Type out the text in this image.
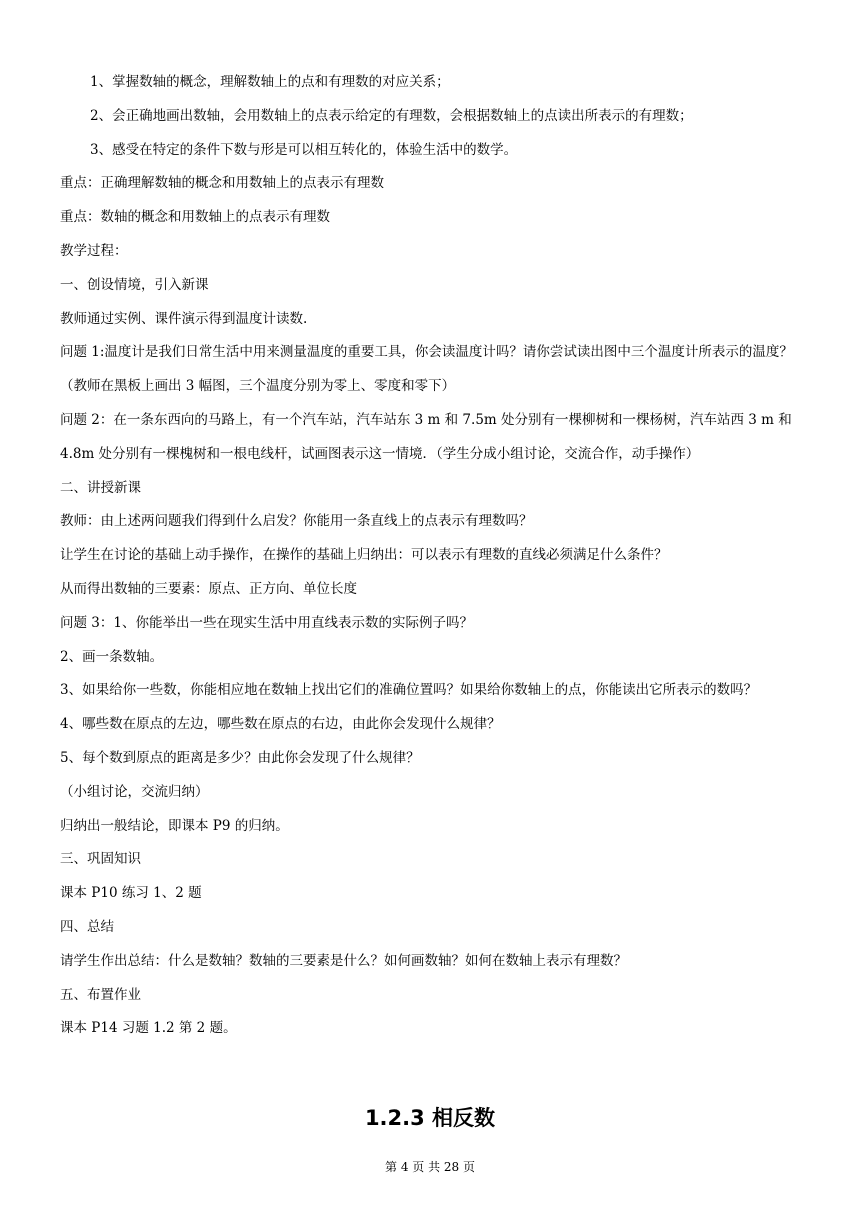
1、掌握数轴的概念，理解数轴上的点和有理数的对应关系；

2、会正确地画出数轴，会用数轴上的点表示给定的有理数，会根据数轴上的点读出所表示的有理数；

3、感受在特定的条件下数与形是可以相互转化的，体验生活中的数学。

重点：正确理解数轴的概念和用数轴上的点表示有理数

重点：数轴的概念和用数轴上的点表示有理数

教学过程：

一、创设情境，引入新课

教师通过实例、课件演示得到温度计读数.

问题 1:温度计是我们日常生活中用来测量温度的重要工具，你会读温度计吗？请你尝试读出图中三个温度计所表示的温度？（教师在黑板上画出 3 幅图，三个温度分别为零上、零度和零下）

问题 2：在一条东西向的马路上，有一个汽车站，汽车站东 3 m 和 7.5m 处分别有一棵柳树和一棵杨树，汽车站西 3 m 和 4.8m 处分别有一棵槐树和一根电线杆，试画图表示这一情境．（学生分成小组讨论，交流合作，动手操作）

二、讲授新课

教师：由上述两问题我们得到什么启发？你能用一条直线上的点表示有理数吗？

让学生在讨论的基础上动手操作，在操作的基础上归纳出：可以表示有理数的直线必须满足什么条件？

从而得出数轴的三要素：原点、正方向、单位长度

问题 3：1、你能举出一些在现实生活中用直线表示数的实际例子吗？

2、画一条数轴。

3、如果给你一些数，你能相应地在数轴上找出它们的准确位置吗？如果给你数轴上的点，你能读出它所表示的数吗？

4、哪些数在原点的左边，哪些数在原点的右边，由此你会发现什么规律？

5、每个数到原点的距离是多少？由此你会发现了什么规律？

（小组讨论，交流归纳）

归纳出一般结论，即课本 P9 的归纳。

三、巩固知识

课本 P10 练习 1、2 题

四、总结

请学生作出总结：什么是数轴？数轴的三要素是什么？如何画数轴？如何在数轴上表示有理数？

五、布置作业

课本 P14 习题 1.2 第 2 题。

1.2.3 相反数

第 4 页 共 28 页
